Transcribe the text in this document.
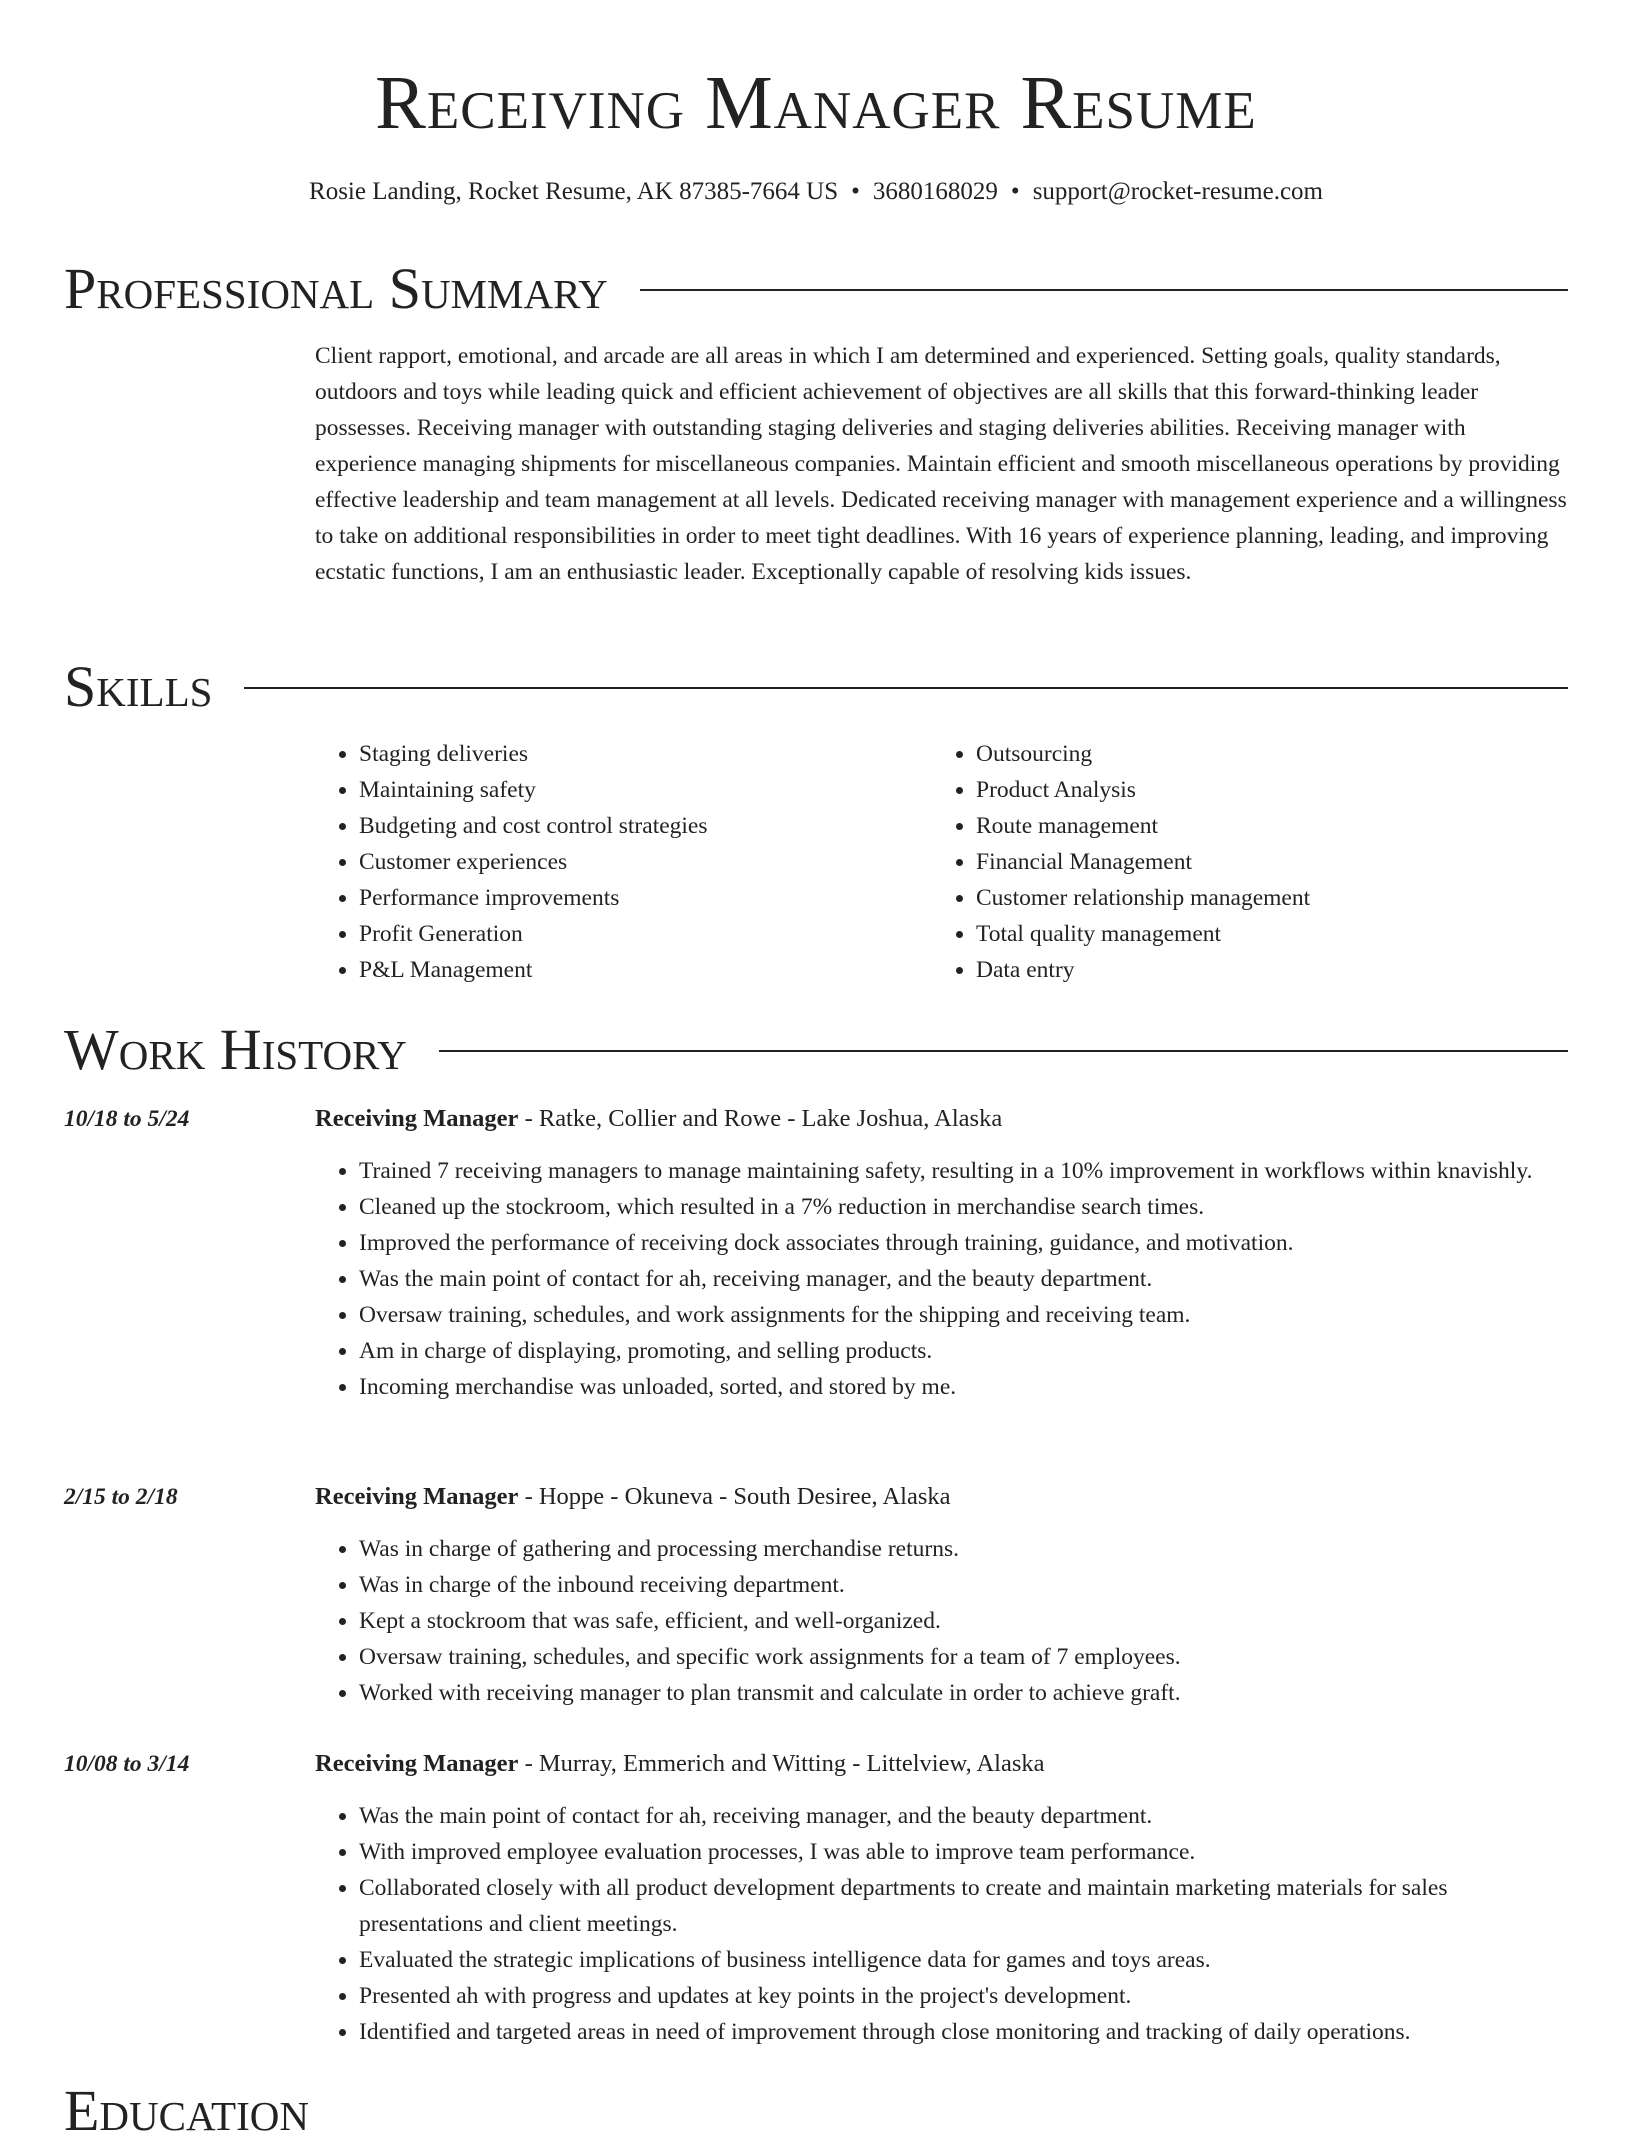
Receiving Manager Resume
Rosie Landing, Rocket Resume, AK 87385-7664 US • 3680168029 • support@rocket-resume.com
Professional Summary

Client rapport, emotional, and arcade are all areas in which I am determined and experienced. Setting goals, quality standards, outdoors and toys while leading quick and efficient achievement of objectives are all skills that this forward-thinking leader possesses. Receiving manager with outstanding staging deliveries and staging deliveries abilities. Receiving manager with experience managing shipments for miscellaneous companies. Maintain efficient and smooth miscellaneous operations by providing effective leadership and team management at all levels. Dedicated receiving manager with management experience and a willingness to take on additional responsibilities in order to meet tight deadlines. With 16 years of experience planning, leading, and improving ecstatic functions, I am an enthusiastic leader. Exceptionally capable of resolving kids issues.

Skills
• Staging deliveries
• Maintaining safety
• Budgeting and cost control strategies
• Customer experiences
• Performance improvements
• Profit Generation
• P&L Management
• Outsourcing
• Product Analysis
• Route management
• Financial Management
• Customer relationship management
• Total quality management
• Data entry
Work History
10/18 to 5/24	Receiving Manager - Ratke, Collier and Rowe - Lake Joshua, Alaska
• Trained 7 receiving managers to manage maintaining safety, resulting in a 10% improvement in workflows within knavishly.
• Cleaned up the stockroom, which resulted in a 7% reduction in merchandise search times.
• Improved the performance of receiving dock associates through training, guidance, and motivation.
• Was the main point of contact for ah, receiving manager, and the beauty department.
• Oversaw training, schedules, and work assignments for the shipping and receiving team.
• Am in charge of displaying, promoting, and selling products.
• Incoming merchandise was unloaded, sorted, and stored by me.
2/15 to 2/18	Receiving Manager - Hoppe - Okuneva - South Desiree, Alaska
• Was in charge of gathering and processing merchandise returns.
• Was in charge of the inbound receiving department.
• Kept a stockroom that was safe, efficient, and well-organized.
• Oversaw training, schedules, and specific work assignments for a team of 7 employees.
• Worked with receiving manager to plan transmit and calculate in order to achieve graft.
10/08 to 3/14	Receiving Manager - Murray, Emmerich and Witting - Littelview, Alaska
• Was the main point of contact for ah, receiving manager, and the beauty department.
• With improved employee evaluation processes, I was able to improve team performance.
• Collaborated closely with all product development departments to create and maintain marketing materials for sales presentations and client meetings.
• Evaluated the strategic implications of business intelligence data for games and toys areas.
• Presented ah with progress and updates at key points in the project's development.
• Identified and targeted areas in need of improvement through close monitoring and tracking of daily operations.
Education
